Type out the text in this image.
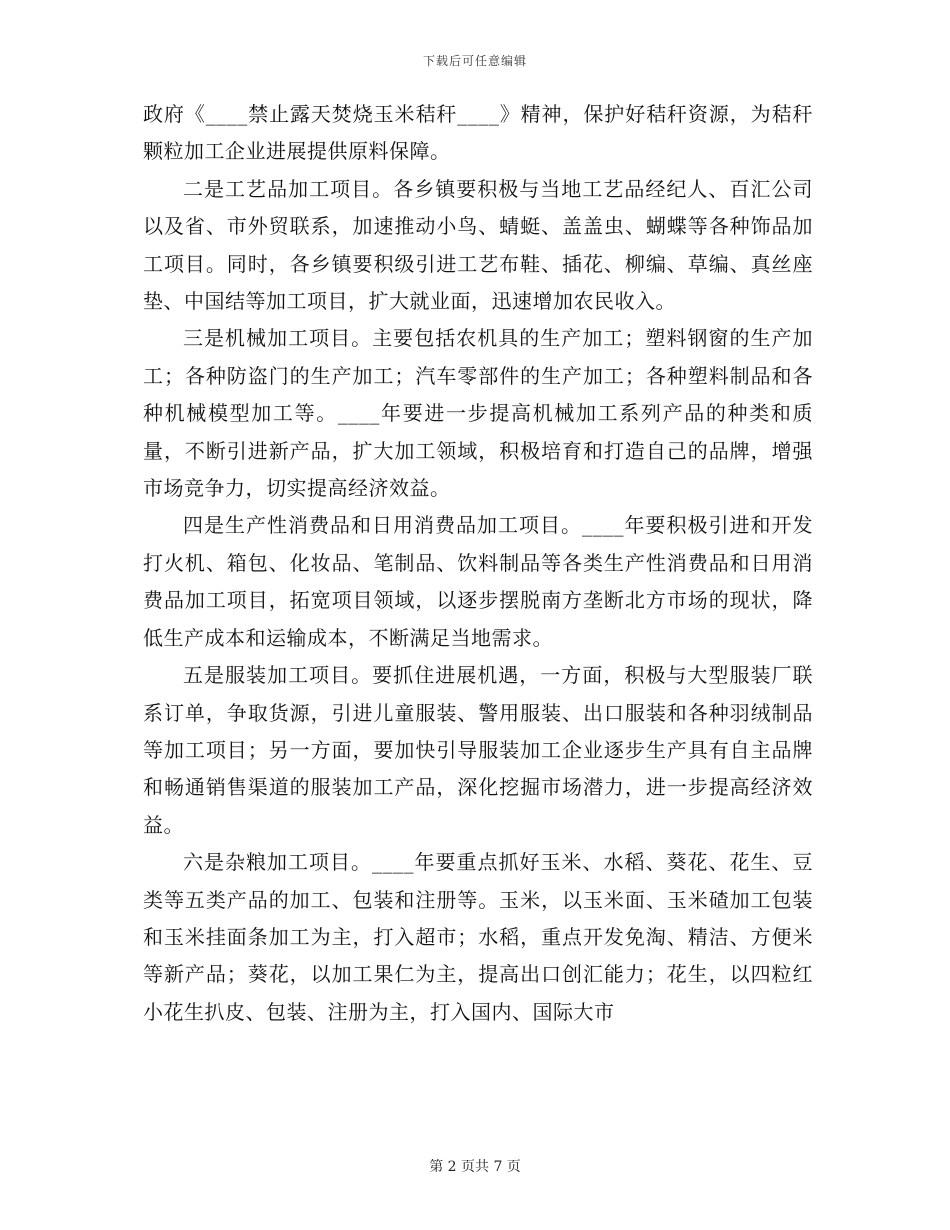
下载后可任意编辑

政府《____禁止露天焚烧玉米秸秆____》精神，保护好秸秆资源，为秸秆颗粒加工企业进展提供原料保障。

二是工艺品加工项目。各乡镇要积极与当地工艺品经纪人、百汇公司以及省、市外贸联系，加速推动小鸟、蜻蜓、盖盖虫、蝴蝶等各种饰品加工项目。同时，各乡镇要积级引进工艺布鞋、插花、柳编、草编、真丝座垫、中国结等加工项目，扩大就业面，迅速增加农民收入。

三是机械加工项目。主要包括农机具的生产加工；塑料钢窗的生产加工；各种防盗门的生产加工；汽车零部件的生产加工；各种塑料制品和各种机械模型加工等。____年要进一步提高机械加工系列产品的种类和质量，不断引进新产品，扩大加工领域，积极培育和打造自己的品牌，增强市场竞争力，切实提高经济效益。

四是生产性消费品和日用消费品加工项目。____年要积极引进和开发打火机、箱包、化妆品、笔制品、饮料制品等各类生产性消费品和日用消费品加工项目，拓宽项目领域，以逐步摆脱南方垄断北方市场的现状，降低生产成本和运输成本，不断满足当地需求。

五是服装加工项目。要抓住进展机遇，一方面，积极与大型服装厂联系订单，争取货源，引进儿童服装、警用服装、出口服装和各种羽绒制品等加工项目；另一方面，要加快引导服装加工企业逐步生产具有自主品牌和畅通销售渠道的服装加工产品，深化挖掘市场潜力，进一步提高经济效益。

六是杂粮加工项目。____年要重点抓好玉米、水稻、葵花、花生、豆类等五类产品的加工、包装和注册等。玉米，以玉米面、玉米碴加工包装和玉米挂面条加工为主，打入超市；水稻，重点开发免淘、精洁、方便米等新产品；葵花，以加工果仁为主，提高出口创汇能力；花生，以四粒红小花生扒皮、包装、注册为主，打入国内、国际大市

第 2 页共 7 页
